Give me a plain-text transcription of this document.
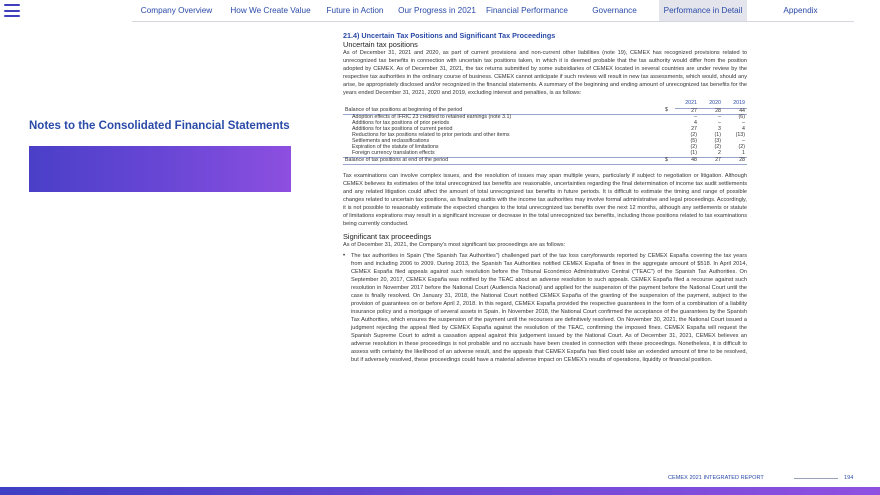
Company Overview	How We Create Value	Future in Action	Our Progress in 2021	Financial Performance	Governance	Performance in Detail	Appendix
Notes to the Consolidated Financial Statements
21.4) Uncertain Tax Positions and Significant Tax Proceedings
Uncertain tax positions

As of December 31, 2021 and 2020, as part of current provisions and non-current other liabilities (note 19), CEMEX has recognized provisions related to unrecognized tax benefits in connection with uncertain tax positions taken, in which it is deemed probable that the tax authority would differ from the position adopted by CEMEX. As of December 31, 2021, the tax returns submitted by some subsidiaries of CEMEX located in several countries are under review by the respective tax authorities in the ordinary course of business. CEMEX cannot anticipate if such reviews will result in new tax assessments, which would, should any arise, be appropriately disclosed and/or recognized in the financial statements. A summary of the beginning and ending amount of unrecognized tax benefits for the years ended December 31, 2021, 2020 and 2019, excluding interest and penalties, is as follows:

		2021	2020	2019
Balance of tax positions at beginning of the period	$	27	28	44
Adoption effects of IFRIC 23 credited to retained earnings (note 3.1)		–	–	(6)
Additions for tax positions of prior periods		4	–	–
Additions for tax positions of current period		27	3	4
Reductions for tax positions related to prior periods and other items		(2)	(1)	(13)
Settlements and reclassifications		(5)	(3)	–
Expiration of the statute of limitations		(2)	(2)	(2)
Foreign currency translation effects		(1)	2	1
Balance of tax positions at end of the period	$	48	27	28

Tax examinations can involve complex issues, and the resolution of issues may span multiple years, particularly if subject to negotiation or litigation. Although CEMEX believes its estimates of the total unrecognized tax benefits are reasonable, uncertainties regarding the final determination of income tax audit settlements and any related litigation could affect the amount of total unrecognized tax benefits in future periods. It is difficult to estimate the timing and range of possible changes related to uncertain tax positions, as finalizing audits with the income tax authorities may involve formal administrative and legal proceedings. Accordingly, it is not possible to reasonably estimate the expected changes to the total unrecognized tax benefits over the next 12 months, although any settlements or statute of limitations expirations may result in a significant increase or decrease in the total unrecognized tax benefits, including those positions related to tax examinations being currently conducted.

Significant tax proceedings

As of December 31, 2021, the Company's most significant tax proceedings are as follows:

•	The tax authorities in Spain ("the Spanish Tax Authorities") challenged part of the tax loss carryforwards reported by CEMEX España covering the tax years from and including 2006 to 2009. During 2013, the Spanish Tax Authorities notified CEMEX España of fines in the aggregate amount of $518. In April 2014, CEMEX España filed appeals against such resolution before the Tribunal Económico Administrativo Central ("TEAC") of the Spanish Tax Authorities. On September 20, 2017, CEMEX España was notified by the TEAC about an adverse resolution to such appeals. CEMEX España filed a recourse against such resolution in November 2017 before the National Court (Audiencia Nacional) and applied for the suspension of the payment before the National Court until the case is finally resolved. On January 31, 2018, the National Court notified CEMEX España of the granting of the suspension of the payment, subject to the provision of guarantees on or before April 2, 2018. In this regard, CEMEX España provided the respective guarantees in the form of a combination of a liability insurance policy and a mortgage of several assets in Spain. In November 2018, the National Court confirmed the acceptance of the guarantees by the Spanish Tax Authorities, which ensures the suspension of the payment until the recourses are definitively resolved. On November 30, 2021, the National Court issued a judgment rejecting the appeal filed by CEMEX España against the resolution of the TEAC, confirming the imposed fines. CEMEX España will request the Spanish Supreme Court to admit a cassation appeal against this judgement issued by the National Court. As of December 31, 2021, CEMEX believes an adverse resolution in these proceedings is not probable and no accruals have been created in connection with these proceedings. Nonetheless, it is difficult to assess with certainty the likelihood of an adverse result, and the appeals that CEMEX España has filed could take an extended amount of time to be resolved, but if adversely resolved, these proceedings could have a material adverse impact on CEMEX's results of operations, liquidity or financial position.

CEMEX 2021 INTEGRATED REPORT	194
